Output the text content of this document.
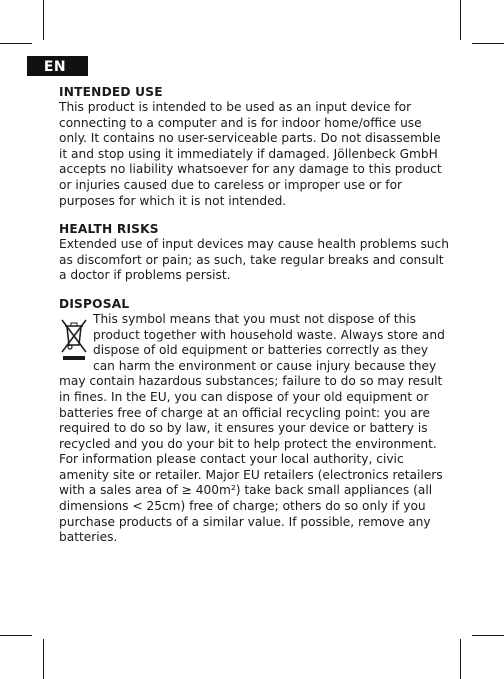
EN

INTENDED USE

This product is intended to be used as an input device for connecting to a computer and is for indoor home/office use only. It contains no user-serviceable parts. Do not disassemble it and stop using it immediately if damaged. Jöllenbeck GmbH accepts no liability whatsoever for any damage to this product or injuries caused due to careless or improper use or for purposes for which it is not intended.

HEALTH RISKS

Extended use of input devices may cause health problems such as discomfort or pain; as such, take regular breaks and consult a doctor if problems persist.

DISPOSAL

This symbol means that you must not dispose of this product together with household waste. Always store and dispose of old equipment or batteries correctly as they can harm the environment or cause injury because they may contain hazardous substances; failure to do so may result in fines. In the EU, you can dispose of your old equipment or batteries free of charge at an official recycling point: you are required to do so by law, it ensures your device or battery is recycled and you do your bit to help protect the environment. For information please contact your local authority, civic amenity site or retailer. Major EU retailers (electronics retailers with a sales area of ≥ 400m²) take back small appliances (all dimensions < 25cm) free of charge; others do so only if you purchase products of a similar value. If possible, remove any batteries.
